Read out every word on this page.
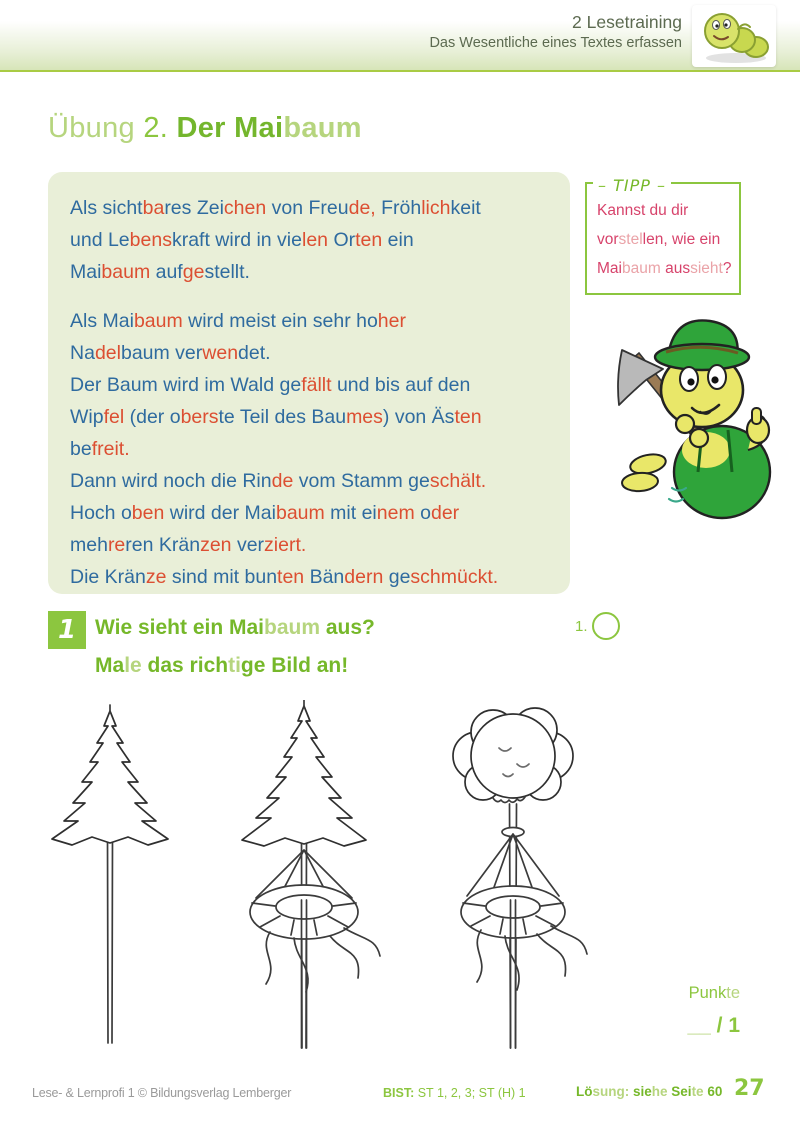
2 Lesetraining
Das Wesentliche eines Textes erfassen
Übung 2. Der Maibaum
Als sichtbares Zeichen von Freude, Fröhlichkeit
und Lebenskraft wird in vielen Orten ein
Maibaum aufgestellt.
Als Maibaum wird meist ein sehr hoher
Nadelbaum verwendet.
Der Baum wird im Wald gefällt und bis auf den
Wipfel (der oberste Teil des Baumes) von Ästen
befreit.
Dann wird noch die Rinde vom Stamm geschält.
Hoch oben wird der Maibaum mit einem oder
mehreren Kränzen verziert.
Die Kränze sind mit bunten Bändern geschmückt.
– TIPP –
Kannst du dir
vorstellen, wie ein
Maibaum aussieht?
1 Wie sieht ein Maibaum aus?
Male das richtige Bild an!
1.
Punkte
__ / 1
Lese- & Lernprofi 1 © Bildungsverlag Lemberger	BIST: ST 1, 2, 3; ST (H) 1	Lösung: siehe Seite 60 27
